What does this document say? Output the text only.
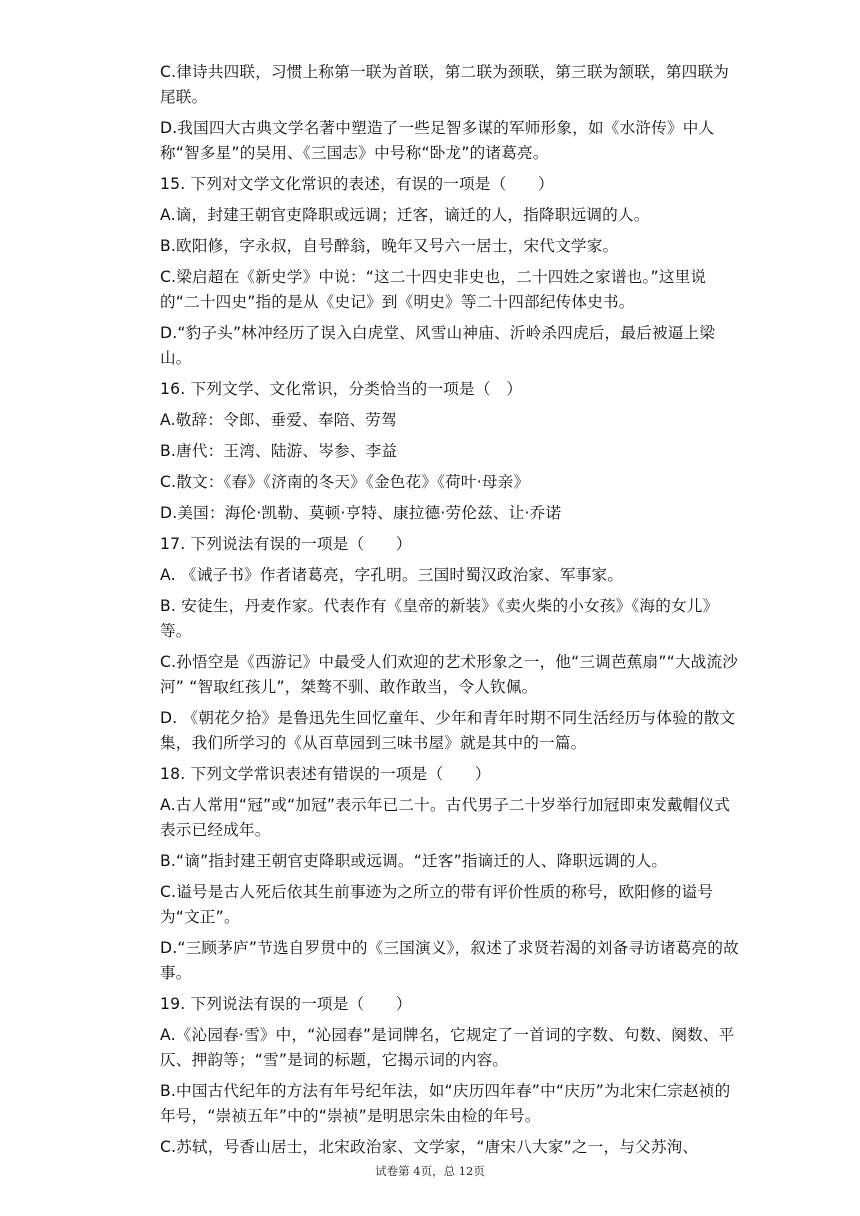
C.律诗共四联，习惯上称第一联为首联，第二联为颈联，第三联为颔联，第四联为尾联。

D.我国四大古典文学名著中塑造了一些足智多谋的军师形象，如《水浒传》中人称“智多星”的吴用、《三国志》中号称“卧龙”的诸葛亮。

15. 下列对文学文化常识的表述，有误的一项是（　　）

A.谪，封建王朝官吏降职或远调；迁客，谪迁的人，指降职远调的人。

B.欧阳修，字永叔，自号醉翁，晚年又号六一居士，宋代文学家。

C.梁启超在《新史学》中说：“这二十四史非史也，二十四姓之家谱也。”这里说的“二十四史”指的是从《史记》到《明史》等二十四部纪传体史书。

D.“豹子头”林冲经历了误入白虎堂、风雪山神庙、沂岭杀四虎后，最后被逼上梁山。

16. 下列文学、文化常识，分类恰当的一项是（　）

A.敬辞：令郎、垂爱、奉陪、劳驾

B.唐代：王湾、陆游、岑参、李益

C.散文：《春》《济南的冬天》《金色花》《荷叶·母亲》

D.美国：海伦·凯勒、莫顿·亨特、康拉德·劳伦兹、让·乔诺

17. 下列说法有误的一项是（　　）

A. 《诫子书》作者诸葛亮，字孔明。三国时蜀汉政治家、军事家。

B. 安徒生，丹麦作家。代表作有《皇帝的新装》《卖火柴的小女孩》《海的女儿》等。

C.孙悟空是《西游记》中最受人们欢迎的艺术形象之一，他“三调芭蕉扇”“大战流沙河” “智取红孩儿”，桀骜不驯、敢作敢当，令人钦佩。

D. 《朝花夕拾》是鲁迅先生回忆童年、少年和青年时期不同生活经历与体验的散文集，我们所学习的《从百草园到三味书屋》就是其中的一篇。

18. 下列文学常识表述有错误的一项是（　　）

A.古人常用“冠”或“加冠”表示年已二十。古代男子二十岁举行加冠即束发戴帽仪式表示已经成年。

B.“谪”指封建王朝官吏降职或远调。“迁客”指谪迁的人、降职远调的人。

C.谥号是古人死后依其生前事迹为之所立的带有评价性质的称号，欧阳修的谥号为“文正”。

D.“三顾茅庐”节选自罗贯中的《三国演义》，叙述了求贤若渴的刘备寻访诸葛亮的故事。

19. 下列说法有误的一项是（　　）

A.《沁园春·雪》中，“沁园春”是词牌名，它规定了一首词的字数、句数、阕数、平仄、押韵等；“雪”是词的标题，它揭示词的内容。

B.中国古代纪年的方法有年号纪年法，如“庆历四年春”中“庆历”为北宋仁宗赵祯的年号，“崇祯五年”中的“崇祯”是明思宗朱由检的年号。

C.苏轼，号香山居士，北宋政治家、文学家，“唐宋八大家”之一，与父苏洵、

试卷第 4页，总 12页
